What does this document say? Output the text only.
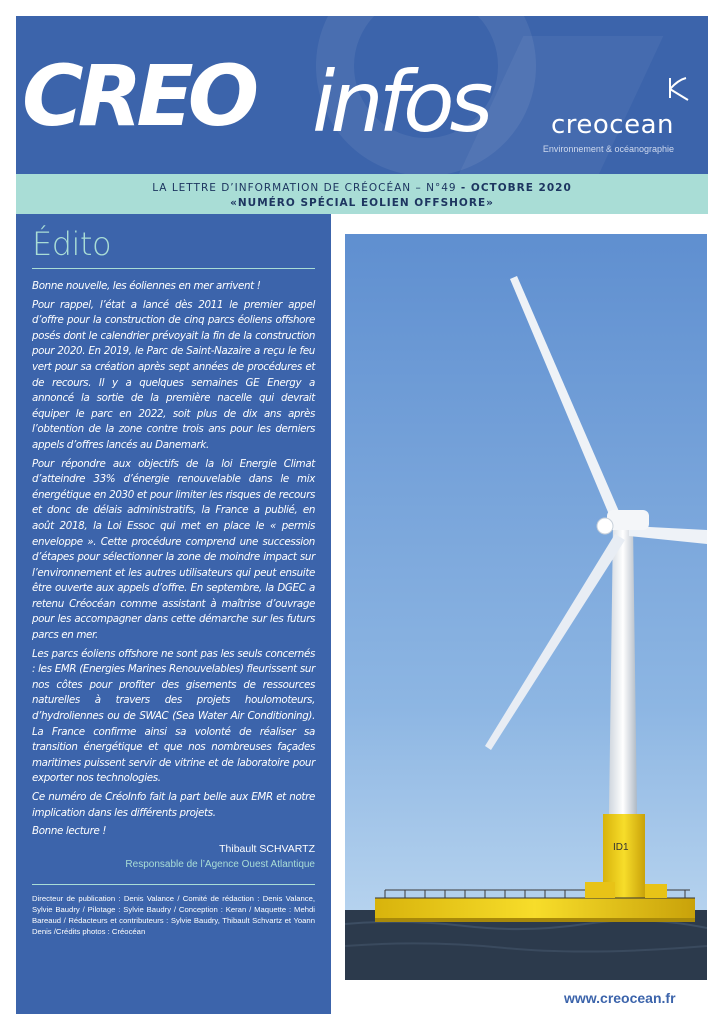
CREO infos creocean
Environnement & océanographie
LA LETTRE D’INFORMATION DE CRÉOCÉAN – N°49 - OCTOBRE 2020
«NUMÉRO SPÉCIAL EOLIEN OFFSHORE»
Édito

Bonne nouvelle, les éoliennes en mer arrivent !

Pour rappel, l’état a lancé dès 2011 le premier appel d’offre pour la construction de cinq parcs éoliens offshore posés dont le calendrier prévoyait la fin de la construction pour 2020. En 2019, le Parc de Saint-Nazaire a reçu le feu vert pour sa création après sept années de procédures et de recours. Il y a quelques semaines GE Energy a annoncé la sortie de la première nacelle qui devrait équiper le parc en 2022, soit plus de dix ans après l’obtention de la zone contre trois ans pour les derniers appels d’offres lancés au Danemark.

Pour répondre aux objectifs de la loi Energie Climat d’atteindre 33% d’énergie renouvelable dans le mix énergétique en 2030 et pour limiter les risques de recours et donc de délais administratifs, la France a publié, en août 2018, la Loi Essoc qui met en place le « permis enveloppe ». Cette procédure comprend une succession d’étapes pour sélectionner la zone de moindre impact sur l’environnement et les autres utilisateurs qui peut ensuite être ouverte aux appels d’offre. En septembre, la DGEC a retenu Créocéan comme assistant à maîtrise d’ouvrage pour les accompagner dans cette démarche sur les futurs parcs en mer.

Les parcs éoliens offshore ne sont pas les seuls concernés : les EMR (Energies Marines Renouvelables) fleurissent sur nos côtes pour profiter des gisements de ressources naturelles à travers des projets houlomoteurs, d’hydroliennes ou de SWAC (Sea Water Air Conditioning). La France confirme ainsi sa volonté de réaliser sa transition énergétique et que nos nombreuses façades maritimes puissent servir de vitrine et de laboratoire pour exporter nos technologies.

Ce numéro de CréoInfo fait la part belle aux EMR et notre implication dans les différents projets.

Bonne lecture !

Thibault SCHVARTZ
Responsable de l’Agence Ouest Atlantique
Directeur de publication : Denis Valance / Comité de rédaction : Denis Valance, Sylvie Baudry / Pilotage : Sylvie Baudry / Conception : Keran / Maquette : Mehdi Bareaud / Rédacteurs et contributeurs : Sylvie Baudry, Thibault Schvartz et Yoann Denis /Crédits photos : Créocéan
ID1
www.creocean.fr
